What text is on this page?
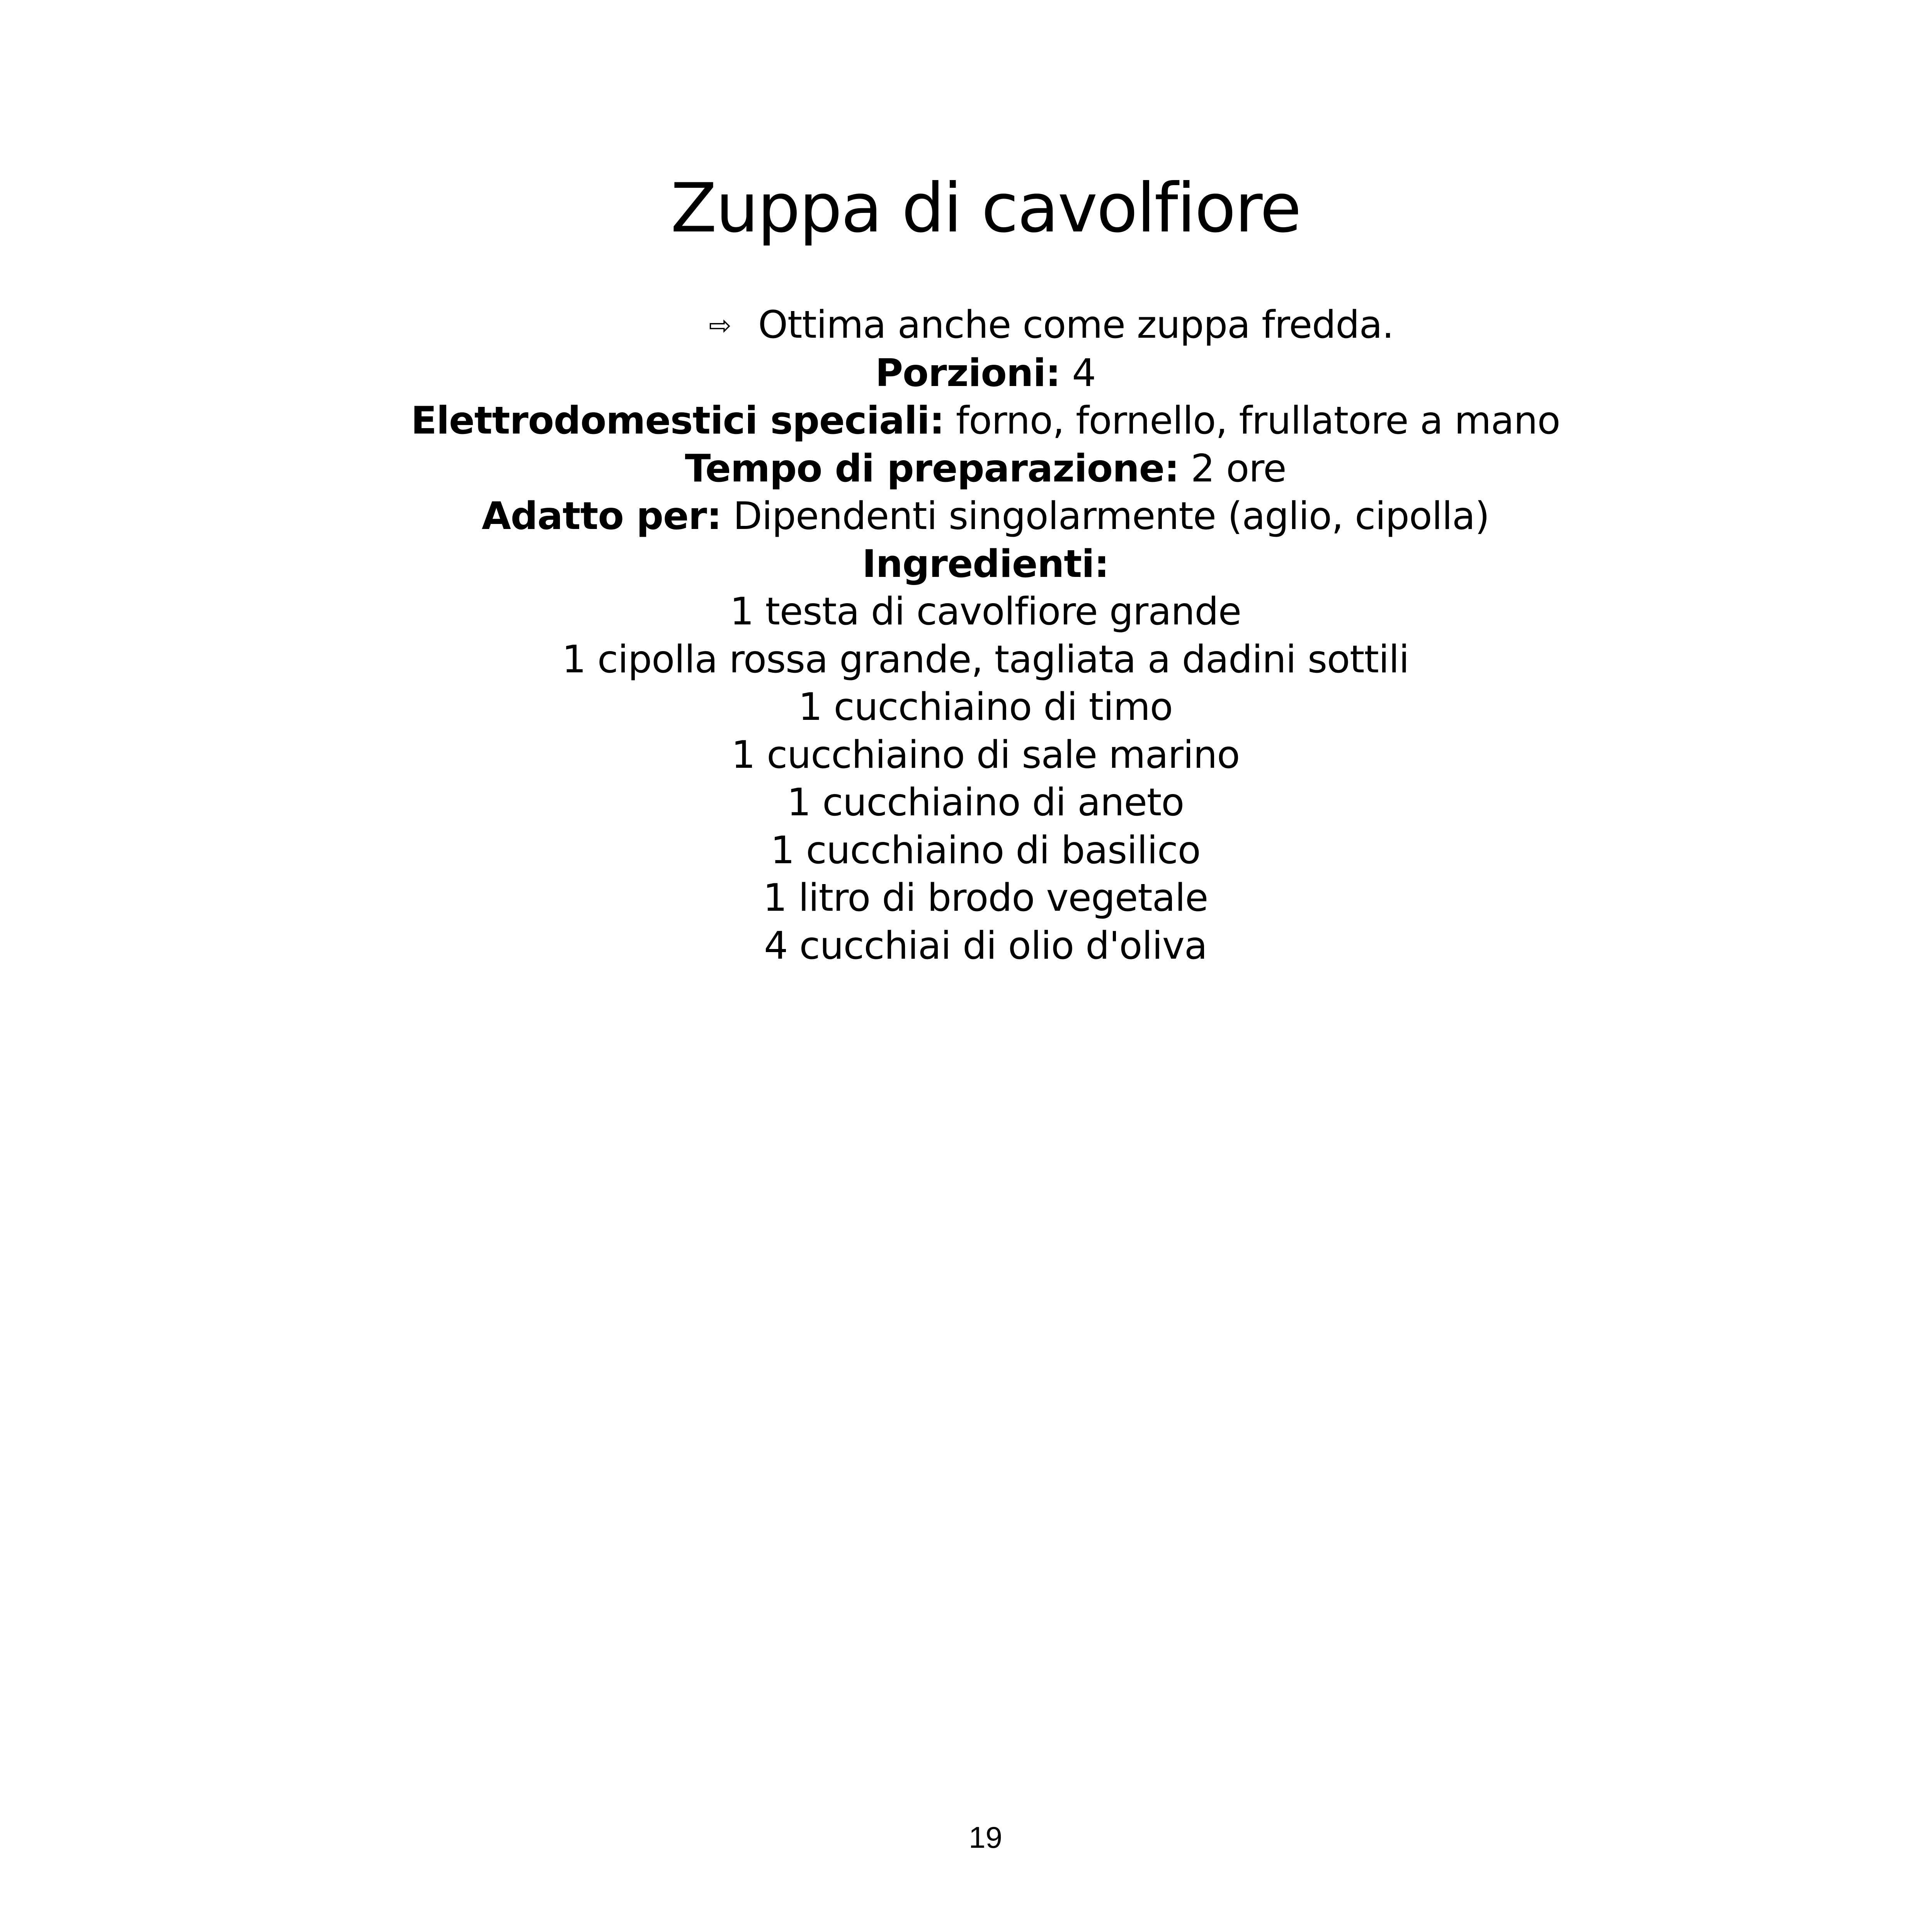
Zuppa di cavolfiore
⇨ Ottima anche come zuppa fredda.
Porzioni: 4
Elettrodomestici speciali: forno, fornello, frullatore a mano
Tempo di preparazione: 2 ore
Adatto per: Dipendenti singolarmente (aglio, cipolla)
Ingredienti:
1 testa di cavolfiore grande
1 cipolla rossa grande, tagliata a dadini sottili
1 cucchiaino di timo
1 cucchiaino di sale marino
1 cucchiaino di aneto
1 cucchiaino di basilico
1 litro di brodo vegetale
4 cucchiai di olio d'oliva
19
